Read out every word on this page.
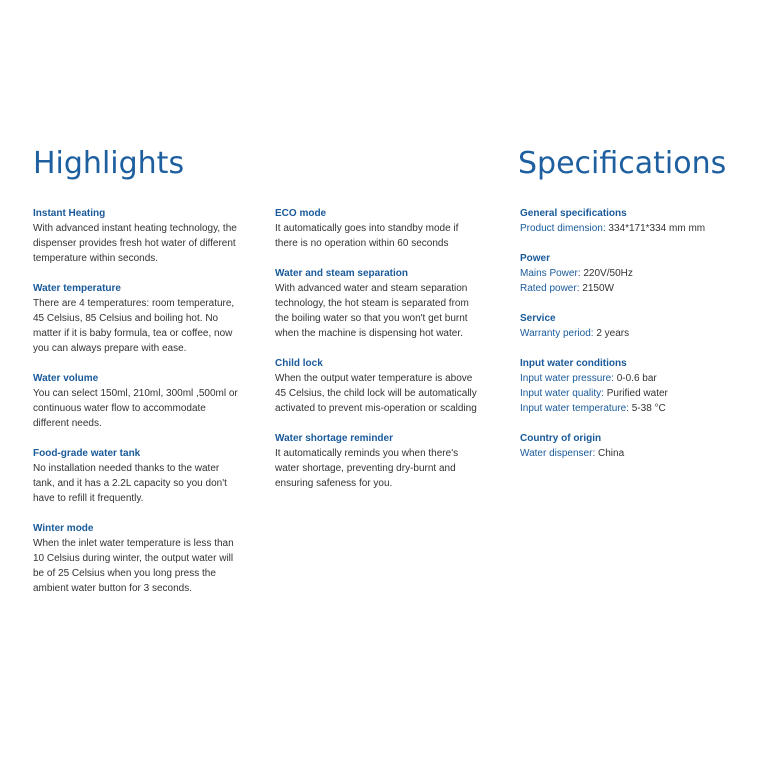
Highlights	Specifications

Instant Heating

With advanced instant heating technology, the
dispenser provides fresh hot water of different
temperature within seconds.

Water temperature

There are 4 temperatures: room temperature,
45 Celsius, 85 Celsius and boiling hot. No
matter if it is baby formula, tea or coffee, now
you can always prepare with ease.

Water volume

You can select 150ml, 210ml, 300ml ,500ml or
continuous water flow to accommodate
different needs.

Food-grade water tank

No installation needed thanks to the water
tank, and it has a 2.2L capacity so you don't
have to refill it frequently.

Winter mode

When the inlet water temperature is less than
10 Celsius during winter, the output water will
be of 25 Celsius when you long press the
ambient water button for 3 seconds.

ECO mode

It automatically goes into standby mode if
there is no operation within 60 seconds

Water and steam separation

With advanced water and steam separation
technology, the hot steam is separated from
the boiling water so that you won't get burnt
when the machine is dispensing hot water.

Child lock

When the output water temperature is above
45 Celsius, the child lock will be automatically
activated to prevent mis-operation or scalding

Water shortage reminder

It automatically reminds you when there's
water shortage, preventing dry-burnt and
ensuring safeness for you.

General specifications

Product dimension: 334*171*334 mm mm

Power

Mains Power: 220V/50Hz

Rated power: 2150W

Service

Warranty period: 2 years

Input water conditions

Input water pressure: 0-0.6 bar

Input water quality: Purified water

Input water temperature: 5-38 °C

Country of origin

Water dispenser: China
